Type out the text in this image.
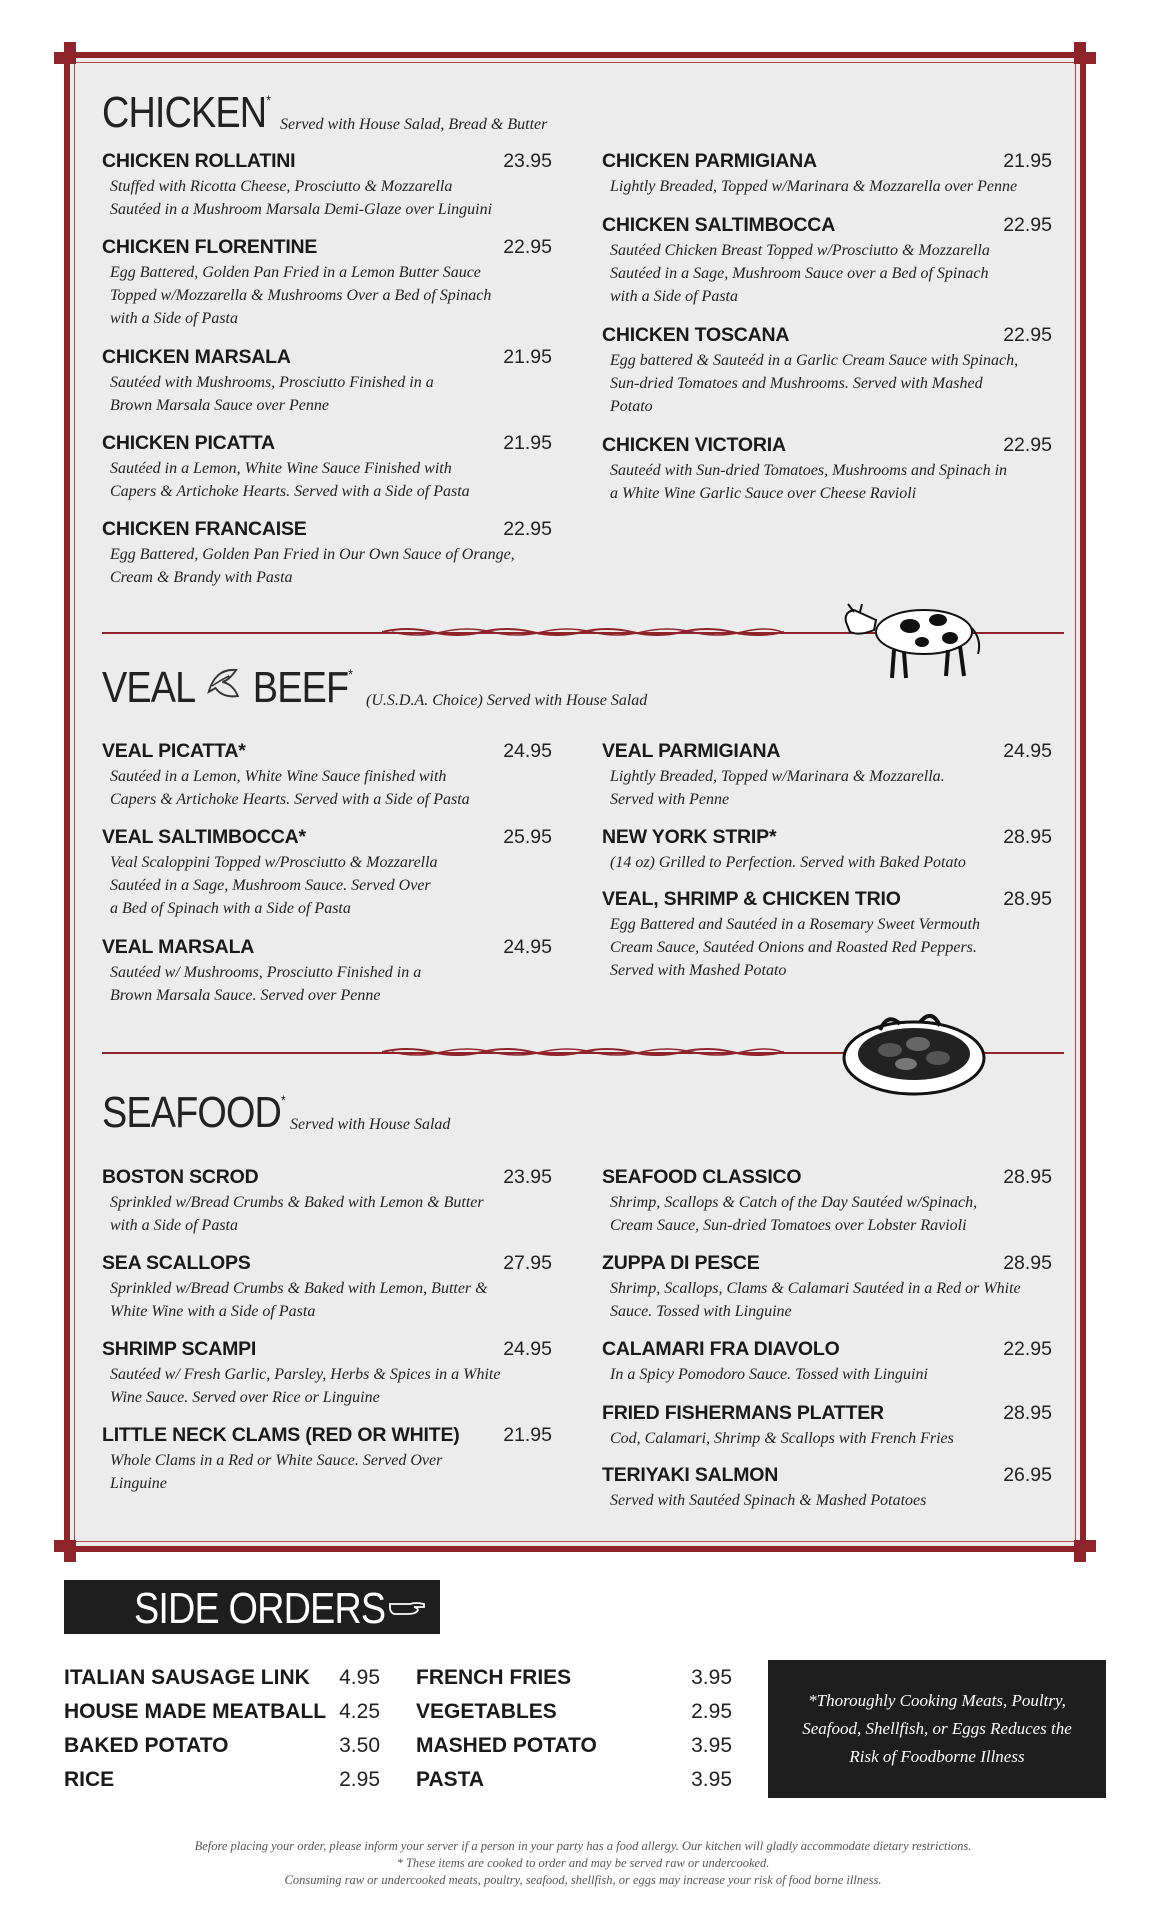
CHICKEN*
Served with House Salad, Bread & Butter
CHICKEN ROLLATINI	23.95
Stuffed with Ricotta Cheese, Prosciutto & Mozzarella
Sautéed in a Mushroom Marsala Demi-Glaze over Linguini
CHICKEN FLORENTINE	22.95
Egg Battered, Golden Pan Fried in a Lemon Butter Sauce
Topped w/Mozzarella & Mushrooms Over a Bed of Spinach
with a Side of Pasta
CHICKEN MARSALA	21.95
Sautéed with Mushrooms, Prosciutto Finished in a
Brown Marsala Sauce over Penne
CHICKEN PICATTA	21.95
Sautéed in a Lemon, White Wine Sauce Finished with
Capers & Artichoke Hearts. Served with a Side of Pasta
CHICKEN FRANCAISE	22.95
Egg Battered, Golden Pan Fried in Our Own Sauce of Orange,
Cream & Brandy with Pasta
CHICKEN PARMIGIANA	21.95
Lightly Breaded, Topped w/Marinara & Mozzarella over Penne
CHICKEN SALTIMBOCCA	22.95
Sautéed Chicken Breast Topped w/Prosciutto & Mozzarella
Sautéed in a Sage, Mushroom Sauce over a Bed of Spinach
with a Side of Pasta
CHICKEN TOSCANA	22.95
Egg battered & Sauteéd in a Garlic Cream Sauce with Spinach,
Sun-dried Tomatoes and Mushrooms. Served with Mashed
Potato
CHICKEN VICTORIA	22.95
Sauteéd with Sun-dried Tomatoes, Mushrooms and Spinach in
a White Wine Garlic Sauce over Cheese Ravioli
VEAL BEEF*
(U.S.D.A. Choice) Served with House Salad
VEAL PICATTA*	24.95
Sautéed in a Lemon, White Wine Sauce finished with
Capers & Artichoke Hearts. Served with a Side of Pasta
VEAL SALTIMBOCCA*	25.95
Veal Scaloppini Topped w/Prosciutto & Mozzarella
Sautéed in a Sage, Mushroom Sauce. Served Over
a Bed of Spinach with a Side of Pasta
VEAL MARSALA	24.95
Sautéed w/ Mushrooms, Prosciutto Finished in a
Brown Marsala Sauce. Served over Penne
VEAL PARMIGIANA	24.95
Lightly Breaded, Topped w/Marinara & Mozzarella.
Served with Penne
NEW YORK STRIP*	28.95
(14 oz) Grilled to Perfection. Served with Baked Potato
VEAL, SHRIMP & CHICKEN TRIO	28.95
Egg Battered and Sautéed in a Rosemary Sweet Vermouth
Cream Sauce, Sautéed Onions and Roasted Red Peppers.
Served with Mashed Potato
SEAFOOD*
Served with House Salad
BOSTON SCROD	23.95
Sprinkled w/Bread Crumbs & Baked with Lemon & Butter
with a Side of Pasta
SEA SCALLOPS	27.95
Sprinkled w/Bread Crumbs & Baked with Lemon, Butter &
White Wine with a Side of Pasta
SHRIMP SCAMPI	24.95
Sautéed w/ Fresh Garlic, Parsley, Herbs & Spices in a White
Wine Sauce. Served over Rice or Linguine
LITTLE NECK CLAMS (RED OR WHITE) 21.95
Whole Clams in a Red or White Sauce. Served Over
Linguine
SEAFOOD CLASSICO	28.95
Shrimp, Scallops & Catch of the Day Sautéed w/Spinach,
Cream Sauce, Sun-dried Tomatoes over Lobster Ravioli
ZUPPA DI PESCE	28.95
Shrimp, Scallops, Clams & Calamari Sautéed in a Red or White
Sauce. Tossed with Linguine
CALAMARI FRA DIAVOLO	22.95
In a Spicy Pomodoro Sauce. Tossed with Linguini
FRIED FISHERMANS PLATTER	28.95
Cod, Calamari, Shrimp & Scallops with French Fries
TERIYAKI SALMON	26.95
Served with Sautéed Spinach & Mashed Potatoes
SIDE ORDERS
ITALIAN SAUSAGE LINK 4.95
HOUSE MADE MEATBALL 4.25
BAKED POTATO	3.50
RICE	2.95
FRENCH FRIES	3.95
VEGETABLES	2.95
MASHED POTATO	3.95
PASTA	3.95
*Thoroughly Cooking Meats, Poultry, Seafood, Shellfish, or Eggs Reduces the Risk of Foodborne Illness
Before placing your order, please inform your server if a person in your party has a food allergy. Our kitchen will gladly accommodate dietary restrictions.
* These items are cooked to order and may be served raw or undercooked.
Consuming raw or undercooked meats, poultry, seafood, shellfish, or eggs may increase your risk of food borne illness.
